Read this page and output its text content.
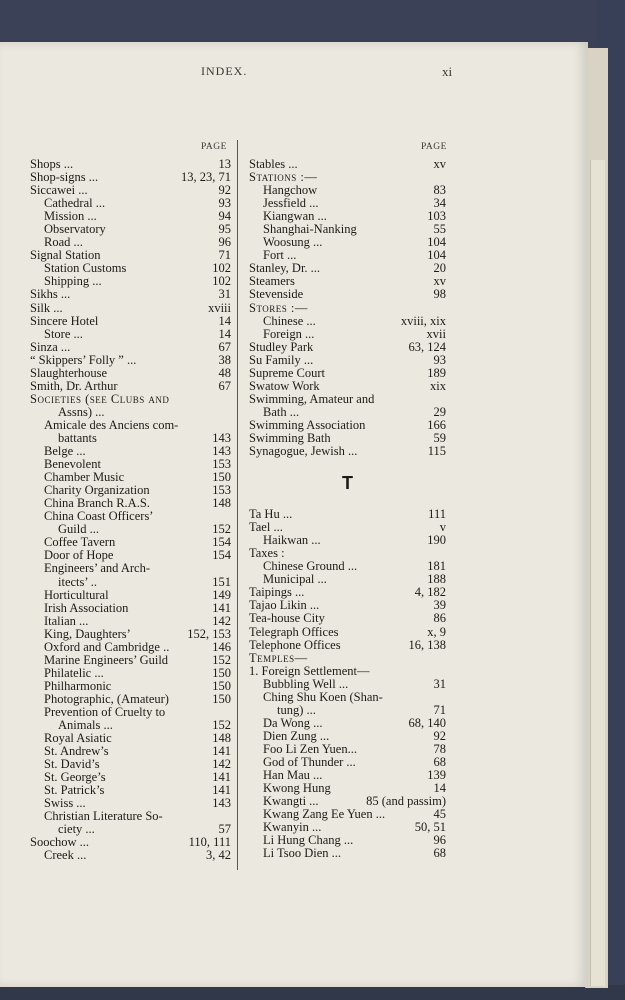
INDEX.	xi
PAGE	PAGE
Shops ...	13
Shop-signs ...	13, 23, 71
Siccawei ...	92
Cathedral ...	93
Mission ...	94
Observatory	95
Road ...	96
Signal Station	71
Station Customs	102
Shipping ...	102
Sikhs ...	31
Silk ...	xviii
Sincere Hotel	14
Store ...	14
Sinza ...	67
“ Skippers’ Folly ” ...	38
Slaughterhouse	48
Smith, Dr. Arthur	67
Societies (see Clubs and
Assns) ...
Amicale des Anciens com-
battants	143
Belge ...	143
Benevolent	153
Chamber Music	150
Charity Organization	153
China Branch R.A.S.	148
China Coast Officers’
Guild ...	152
Coffee Tavern	154
Door of Hope	154
Engineers’ and Arch-
itects’ ..	151
Horticultural	149
Irish Association	141
Italian ...	142
King, Daughters’	152, 153
Oxford and Cambridge ..	146
Marine Engineers’ Guild	152
Philatelic ...	150
Philharmonic	150
Photographic, (Amateur)	150
Prevention of Cruelty to
Animals ...	152
Royal Asiatic	148
St. Andrew’s	141
St. David’s	142
St. George’s	141
St. Patrick’s	141
Swiss ...	143
Christian Literature So-
ciety ...	57
Soochow ...	110, 111
Creek ...	3, 42
Stables ...	xv
Stations :—
Hangchow	83
Jessfield ...	34
Kiangwan ...	103
Shanghai-Nanking	55
Woosung ...	104
Fort ...	104
Stanley, Dr. ...	20
Steamers	xv
Stevenside	98
Stores :—
Chinese ...	xviii, xix
Foreign ...	xvii
Studley Park	63, 124
Su Family ...	93
Supreme Court	189
Swatow Work	xix
Swimming, Amateur and
Bath ...	29
Swimming Association	166
Swimming Bath	59
Synagogue, Jewish ...	115
T
Ta Hu ...	111
Tael ...	v
Haikwan ...	190
Taxes :
Chinese Ground ...	181
Municipal ...	188
Taipings ...	4, 182
Tajao Likin ...	39
Tea-house City	86
Telegraph Offices	x, 9
Telephone Offices	16, 138
Temples—
1. Foreign Settlement—
Bubbling Well ...	31
Ching Shu Koen (Shan-
tung) ...	71
Da Wong ...	68, 140
Dien Zung ...	92
Foo Li Zen Yuen...	78
God of Thunder ...	68
Han Mau ...	139
Kwong Hung	14
Kwangti ...	85 (and passim)
Kwang Zang Ee Yuen ...	45
Kwanyin ...	50, 51
Li Hung Chang ...	96
Li Tsoo Dien ...	68
